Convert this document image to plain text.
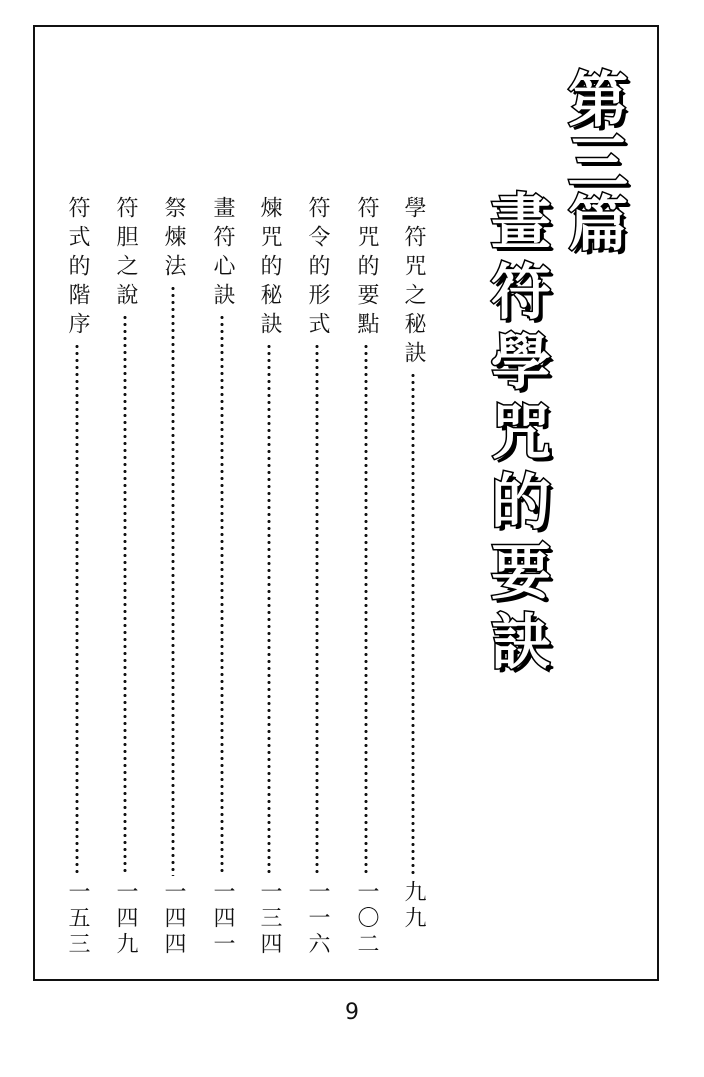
第三篇
畫符學咒的要訣
學符咒之秘訣
九九
符咒的要點
一〇二
符令的形式
一一六
煉咒的秘訣
一三四
畫符心訣
一四一
祭煉法
一四四
符胆之說
一四九
符式的階序
一五三
9
